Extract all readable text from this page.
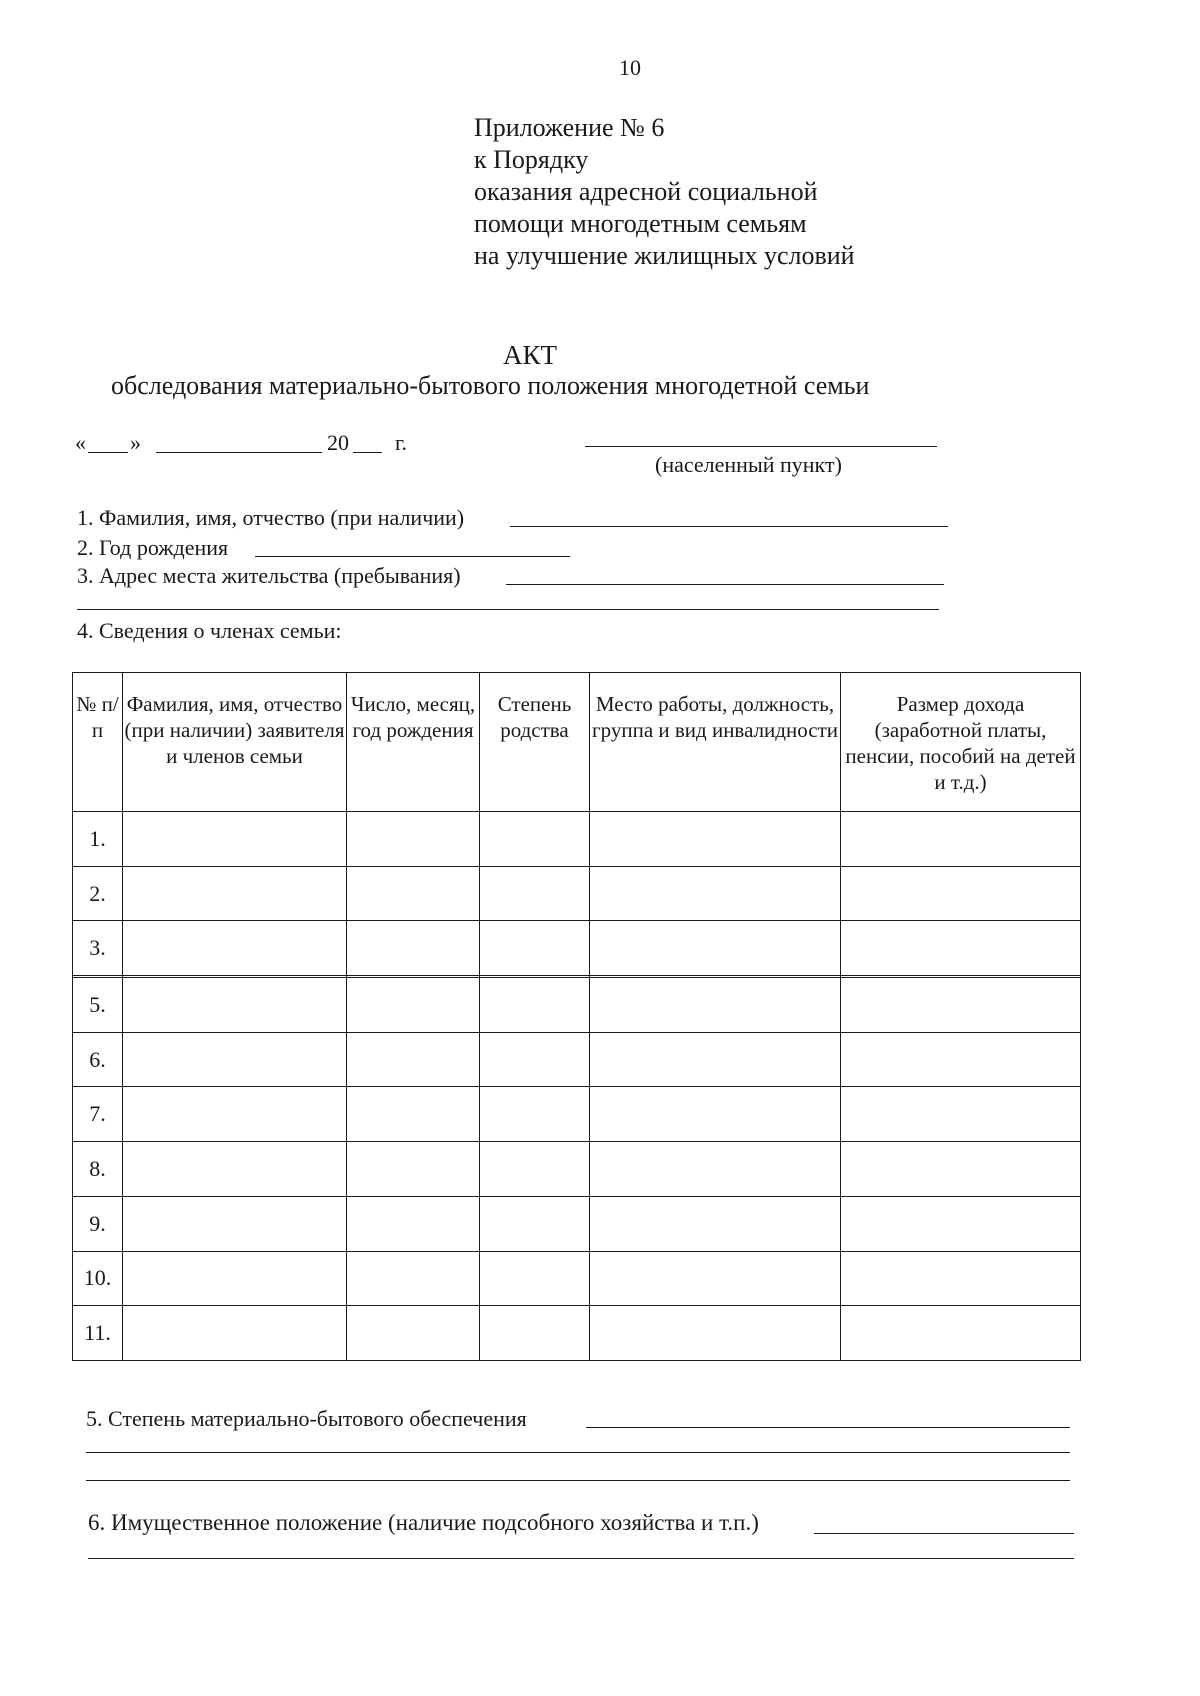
10
Приложение № 6
к Порядку
оказания адресной социальной
помощи многодетным семьям
на улучшение жилищных условий
АКТ
обследования материально-бытового положения многодетной семьи
« »	20 г.
(населенный пункт)
1. Фамилия, имя, отчество (при наличии)
2. Год рождения
3. Адрес места жительства (пребывания)
4. Сведения о членах семьи:
№ п/п	Фамилия, имя, отчество (при наличии) заявителя и членов семьи	Число, месяц, год рождения	Степень родства	Место работы, должность, группа и вид инвалидности	Размер дохода (заработной платы, пенсии, пособий на детей и т.д.)
1.					
2.					
3.					

5.					
6.					
7.					
8.					
9.					
10.					
11.					
5. Степень материально-бытового обеспечения
6. Имущественное положение (наличие подсобного хозяйства и т.п.)
